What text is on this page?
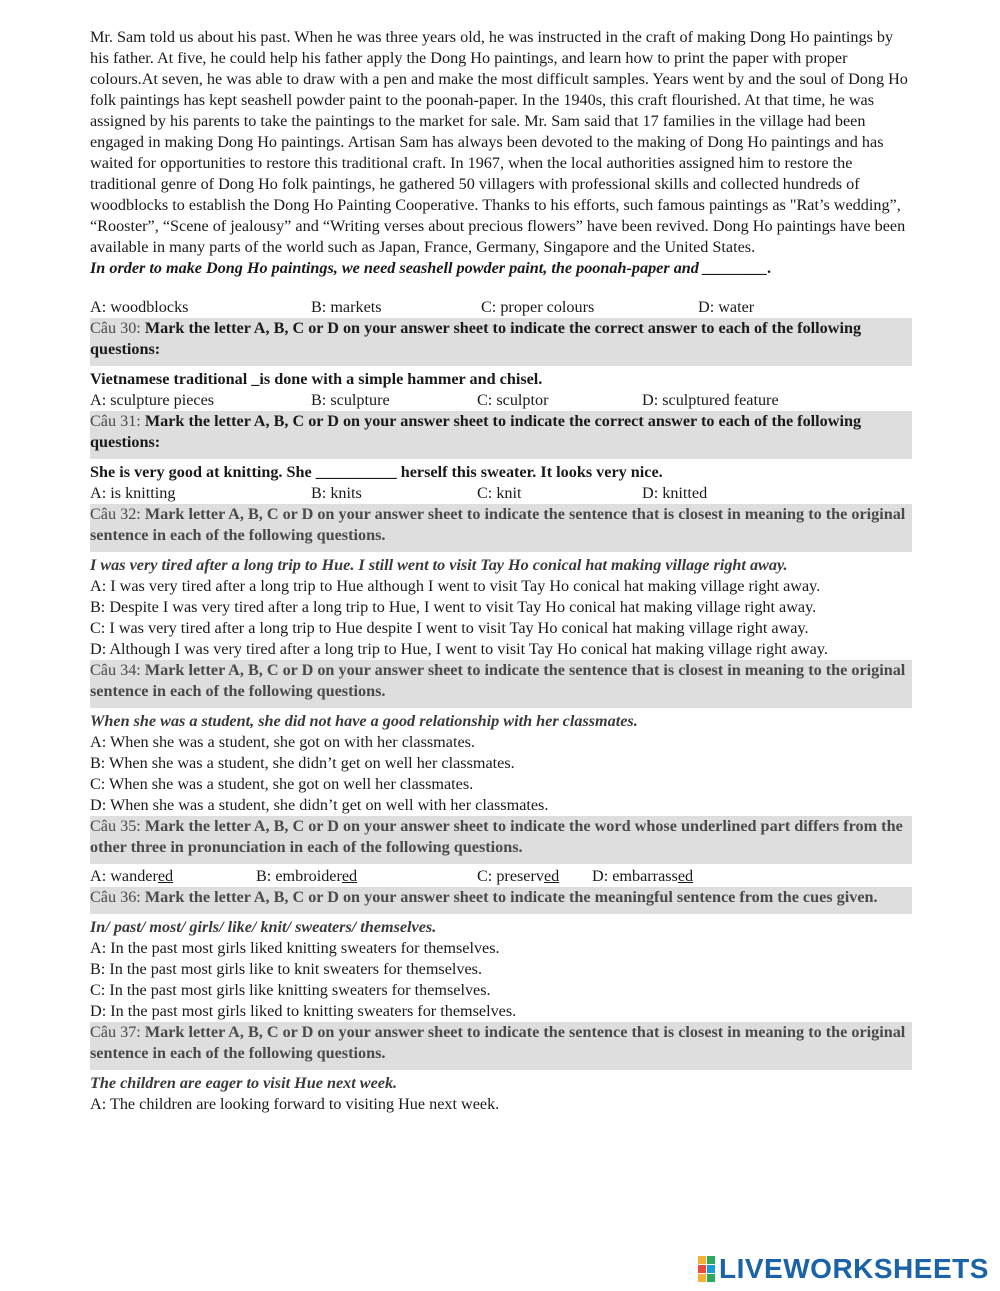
Mr. Sam told us about his past. When he was three years old, he was instructed in the craft of making Dong Ho paintings by his father. At five, he could help his father apply the Dong Ho paintings, and learn how to print the paper with proper colours.At seven, he was able to draw with a pen and make the most difficult samples. Years went by and the soul of Dong Ho folk paintings has kept seashell powder paint to the poonah-paper. In the 1940s, this craft flourished. At that time, he was assigned by his parents to take the paintings to the market for sale. Mr. Sam said that 17 families in the village had been engaged in making Dong Ho paintings. Artisan Sam has always been devoted to the making of Dong Ho paintings and has waited for opportunities to restore this traditional craft. In 1967, when the local authorities assigned him to restore the traditional genre of Dong Ho folk paintings, he gathered 50 villagers with professional skills and collected hundreds of woodblocks to establish the Dong Ho Painting Cooperative. Thanks to his efforts, such famous paintings as "Rat’s wedding”, “Rooster”, “Scene of jealousy” and “Writing verses about precious flowers” have been revived. Dong Ho paintings have been available in many parts of the world such as Japan, France, Germany, Singapore and the United States.

In order to make Dong Ho paintings, we need seashell powder paint, the poonah-paper and ________.

A: woodblocks	B: markets	C: proper colours	D: water
Câu 30: Mark the letter A, B, C or D on your answer sheet to indicate the correct answer to each of the following questions:
Vietnamese traditional _is done with a simple hammer and chisel.
A: sculpture pieces	B: sculpture	C: sculptor	D: sculptured feature
Câu 31: Mark the letter A, B, C or D on your answer sheet to indicate the correct answer to each of the following questions:
She is very good at knitting. She __________ herself this sweater. It looks very nice.
A: is knitting	B: knits	C: knit	D: knitted
Câu 32: Mark letter A, B, C or D on your answer sheet to indicate the sentence that is closest in meaning to the original sentence in each of the following questions.
I was very tired after a long trip to Hue. I still went to visit Tay Ho conical hat making village right away.

A: I was very tired after a long trip to Hue although I went to visit Tay Ho conical hat making village right away.

B: Despite I was very tired after a long trip to Hue, I went to visit Tay Ho conical hat making village right away.

C: I was very tired after a long trip to Hue despite I went to visit Tay Ho conical hat making village right away.

D: Although I was very tired after a long trip to Hue, I went to visit Tay Ho conical hat making village right away.

Câu 34: Mark letter A, B, C or D on your answer sheet to indicate the sentence that is closest in meaning to the original sentence in each of the following questions.
When she was a student, she did not have a good relationship with her classmates.

A: When she was a student, she got on with her classmates.

B: When she was a student, she didn’t get on well her classmates.

C: When she was a student, she got on well her classmates.

D: When she was a student, she didn’t get on well with her classmates.

Câu 35: Mark the letter A, B, C or D on your answer sheet to indicate the word whose underlined part differs from the other three in pronunciation in each of the following questions.
A: wandered	B: embroidered	C: preserved	D: embarrassed
Câu 36: Mark the letter A, B, C or D on your answer sheet to indicate the meaningful sentence from the cues given.
In/ past/ most/ girls/ like/ knit/ sweaters/ themselves.

A: In the past most girls liked knitting sweaters for themselves.

B: In the past most girls like to knit sweaters for themselves.

C: In the past most girls like knitting sweaters for themselves.

D: In the past most girls liked to knitting sweaters for themselves.

Câu 37: Mark letter A, B, C or D on your answer sheet to indicate the sentence that is closest in meaning to the original sentence in each of the following questions.
The children are eager to visit Hue next week.

A: The children are looking forward to visiting Hue next week.

LIVEWORKSHEETS
